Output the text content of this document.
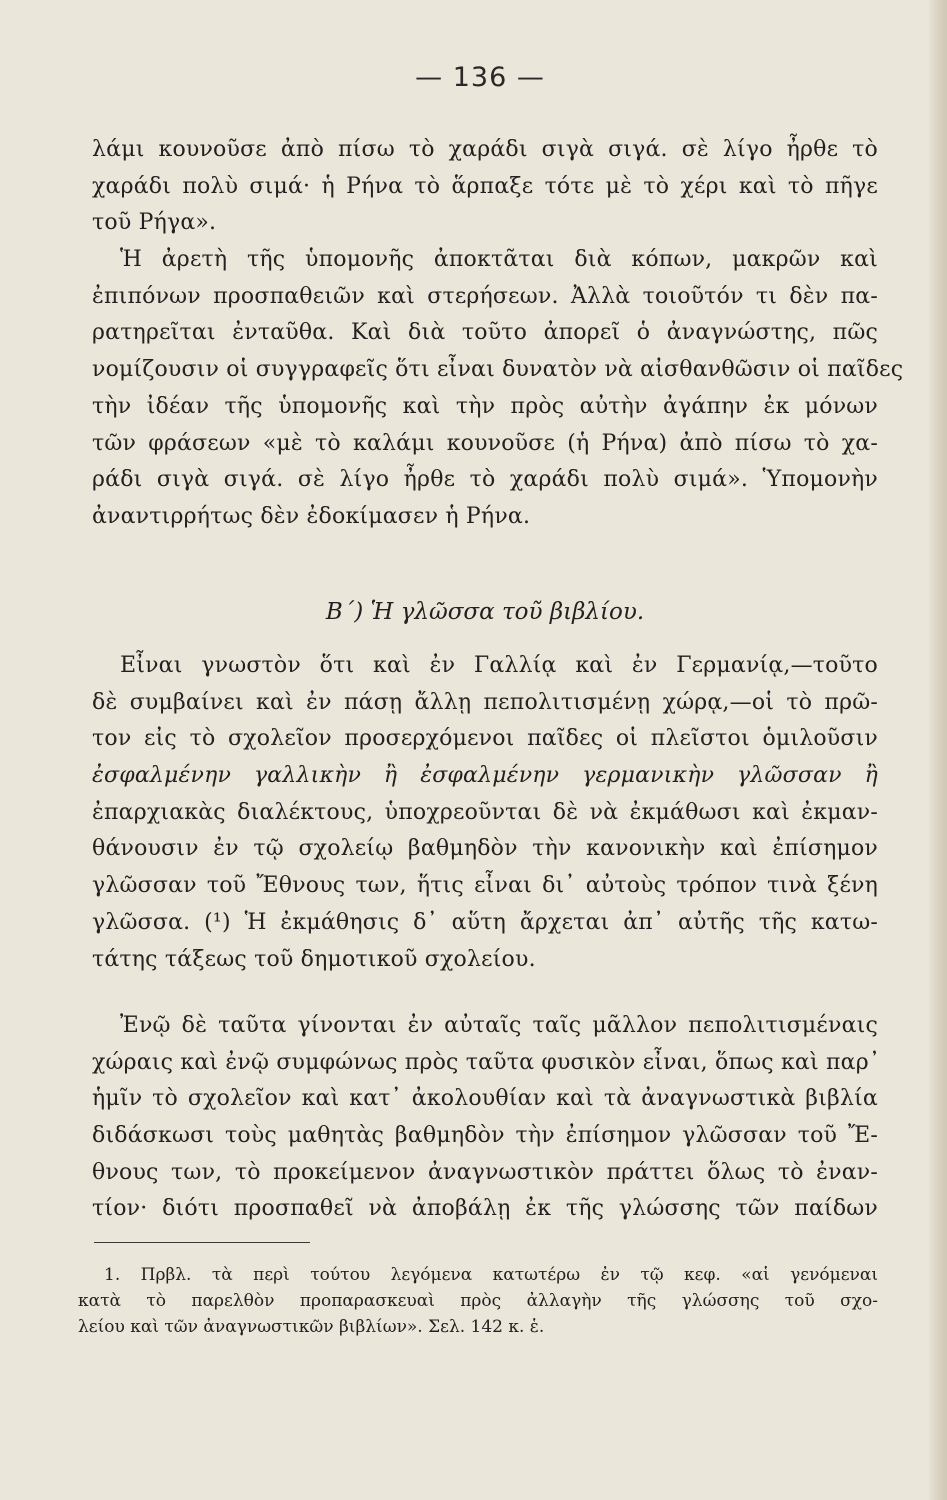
— 136 —
λάμι κουνοῦσε ἀπὸ πίσω τὸ χαράδι σιγὰ σιγά. σὲ λίγο ἦρθε τὸ
χαράδι πολὺ σιμά· ἡ Ρήνα τὸ ἅρπαξε τότε μὲ τὸ χέρι καὶ τὸ πῆγε
τοῦ Ρήγα».
Ἡ ἀρετὴ τῆς ὑπομονῆς ἀποκτᾶται διὰ κόπων, μακρῶν καὶ
ἐπιπόνων προσπαθειῶν καὶ στερήσεων. Ἀλλὰ τοιοῦτόν τι δὲν πα-
ρατηρεῖται ἐνταῦθα. Καὶ διὰ τοῦτο ἀπορεῖ ὁ ἀναγνώστης, πῶς
νομίζουσιν οἱ συγγραφεῖς ὅτι εἶναι δυνατὸν νὰ αἰσθανθῶσιν οἱ παῖδες
τὴν ἰδέαν τῆς ὑπομονῆς καὶ τὴν πρὸς αὐτὴν ἀγάπην ἐκ μόνων
τῶν φράσεων «μὲ τὸ καλάμι κουνοῦσε (ἡ Ρήνα) ἀπὸ πίσω τὸ χα-
ράδι σιγὰ σιγά. σὲ λίγο ἦρθε τὸ χαράδι πολὺ σιμά». Ὑπομονὴν
ἀναντιρρήτως δὲν ἐδοκίμασεν ἡ Ρήνα.
Β΄) Ἡ γλῶσσα τοῦ βιβλίου.
Εἶναι γνωστὸν ὅτι καὶ ἐν Γαλλίᾳ καὶ ἐν Γερμανίᾳ,—τοῦτο
δὲ συμβαίνει καὶ ἐν πάσῃ ἄλλῃ πεπολιτισμένῃ χώρᾳ,—οἱ τὸ πρῶ-
τον εἰς τὸ σχολεῖον προσερχόμενοι παῖδες οἱ πλεῖστοι ὁμιλοῦσιν
ἐσφαλμένην γαλλικὴν ἢ ἐσφαλμένην γερμανικὴν γλῶσσαν ἢ
ἐπαρχιακὰς διαλέκτους, ὑποχρεοῦνται δὲ νὰ ἐκμάθωσι καὶ ἐκμαν-
θάνουσιν ἐν τῷ σχολείῳ βαθμηδὸν τὴν κανονικὴν καὶ ἐπίσημον
γλῶσσαν τοῦ Ἔθνους των, ἥτις εἶναι δι᾿ αὐτοὺς τρόπον τινὰ ξένη
γλῶσσα. (¹) Ἡ ἐκμάθησις δ᾿ αὕτη ἄρχεται ἀπ᾿ αὐτῆς τῆς κατω-
τάτης τάξεως τοῦ δημοτικοῦ σχολείου.
Ἐνῷ δὲ ταῦτα γίνονται ἐν αὐταῖς ταῖς μᾶλλον πεπολιτισμέναις
χώραις καὶ ἐνῷ συμφώνως πρὸς ταῦτα φυσικὸν εἶναι, ὅπως καὶ παρ᾿
ἡμῖν τὸ σχολεῖον καὶ κατ᾿ ἀκολουθίαν καὶ τὰ ἀναγνωστικὰ βιβλία
διδάσκωσι τοὺς μαθητὰς βαθμηδὸν τὴν ἐπίσημον γλῶσσαν τοῦ Ἔ-
θνους των, τὸ προκείμενον ἀναγνωστικὸν πράττει ὅλως τὸ ἐναν-
τίον· διότι προσπαθεῖ νὰ ἀποβάλῃ ἐκ τῆς γλώσσης τῶν παίδων
1. Πρβλ. τὰ περὶ τούτου λεγόμενα κατωτέρω ἐν τῷ κεφ. «αἱ γενόμεναι
κατὰ τὸ παρελθὸν προπαρασκευαὶ πρὸς ἀλλαγὴν τῆς γλώσσης τοῦ σχο-
λείου καὶ τῶν ἀναγνωστικῶν βιβλίων». Σελ. 142 κ. ἑ.
